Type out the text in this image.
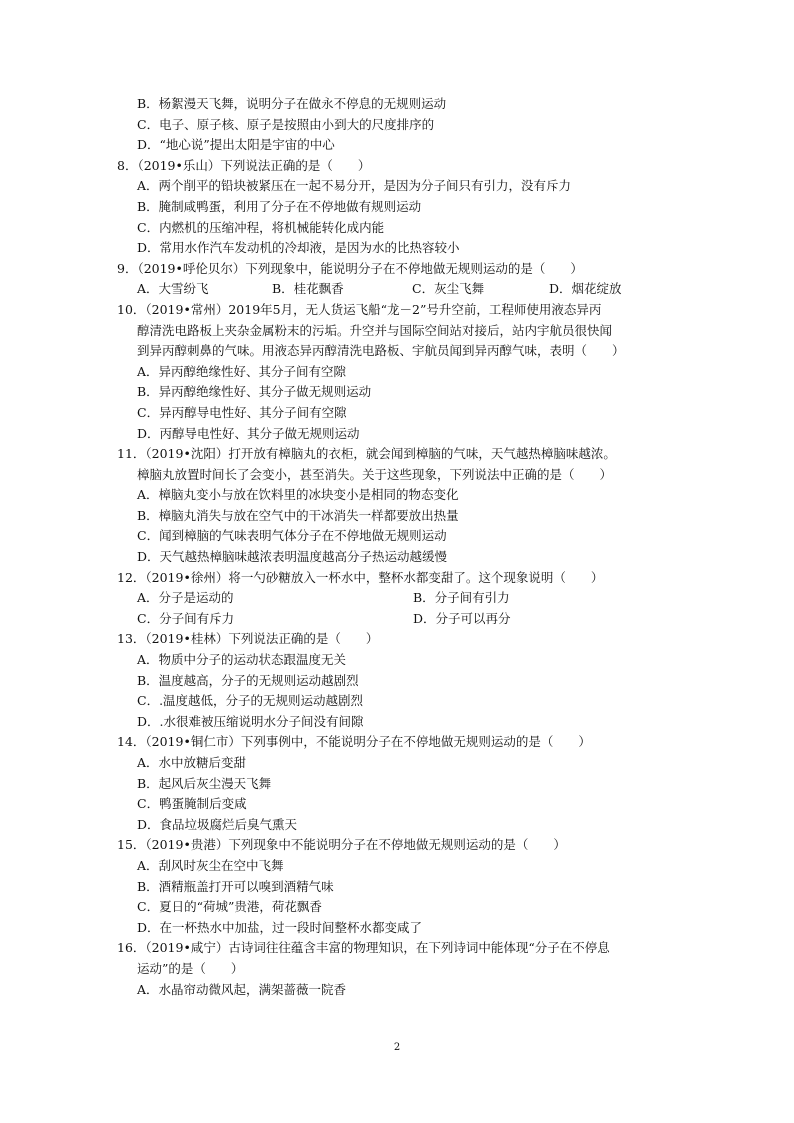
B．杨絮漫天飞舞，说明分子在做永不停息的无规则运动
C．电子、原子核、原子是按照由小到大的尺度排序的
D．“地心说”提出太阳是宇宙的中心
8．（2019•乐山）下列说法正确的是（　　）
A．两个削平的铅块被紧压在一起不易分开，是因为分子间只有引力，没有斥力
B．腌制咸鸭蛋，利用了分子在不停地做有规则运动
C．内燃机的压缩冲程，将机械能转化成内能
D．常用水作汽车发动机的冷却液，是因为水的比热容较小
9．（2019•呼伦贝尔）下列现象中，能说明分子在不停地做无规则运动的是（　　）
A．大雪纷飞	B．桂花飘香	C．灰尘飞舞	D．烟花绽放
10．（2019•常州）2019年5月，无人货运飞船“龙－2”号升空前，工程师使用液态异丙
醇清洗电路板上夹杂金属粉末的污垢。升空并与国际空间站对接后，站内宇航员很快闻
到异丙醇刺鼻的气味。用液态异丙醇清洗电路板、宇航员闻到异丙醇气味，表明（　　）
A．异丙醇绝缘性好、其分子间有空隙
B．异丙醇绝缘性好、其分子做无规则运动
C．异丙醇导电性好、其分子间有空隙
D．丙醇导电性好、其分子做无规则运动
11．（2019•沈阳）打开放有樟脑丸的衣柜，就会闻到樟脑的气味，天气越热樟脑味越浓。
樟脑丸放置时间长了会变小，甚至消失。关于这些现象，下列说法中正确的是（　　）
A．樟脑丸变小与放在饮料里的冰块变小是相同的物态变化
B．樟脑丸消失与放在空气中的干冰消失一样都要放出热量
C．闻到樟脑的气味表明气体分子在不停地做无规则运动
D．天气越热樟脑味越浓表明温度越高分子热运动越缓慢
12．（2019•徐州）将一勺砂糖放入一杯水中，整杯水都变甜了。这个现象说明（　　）
A．分子是运动的	B．分子间有引力
C．分子间有斥力	D．分子可以再分
13．（2019•桂林）下列说法正确的是（　　）
A．物质中分子的运动状态跟温度无关
B．温度越高，分子的无规则运动越剧烈
C．.温度越低，分子的无规则运动越剧烈
D．.水很难被压缩说明水分子间没有间隙
14．（2019•铜仁市）下列事例中，不能说明分子在不停地做无规则运动的是（　　）
A．水中放糖后变甜
B．起风后灰尘漫天飞舞
C．鸭蛋腌制后变咸
D．食品垃圾腐烂后臭气熏天
15．（2019•贵港）下列现象中不能说明分子在不停地做无规则运动的是（　　）
A．刮风时灰尘在空中飞舞
B．酒精瓶盖打开可以嗅到酒精气味
C．夏日的“荷城”贵港，荷花飘香
D．在一杯热水中加盐，过一段时间整杯水都变咸了
16．（2019•咸宁）古诗词往往蕴含丰富的物理知识，在下列诗词中能体现“分子在不停息
运动”的是（　　）
A．水晶帘动微风起，满架蔷薇一院香
2
